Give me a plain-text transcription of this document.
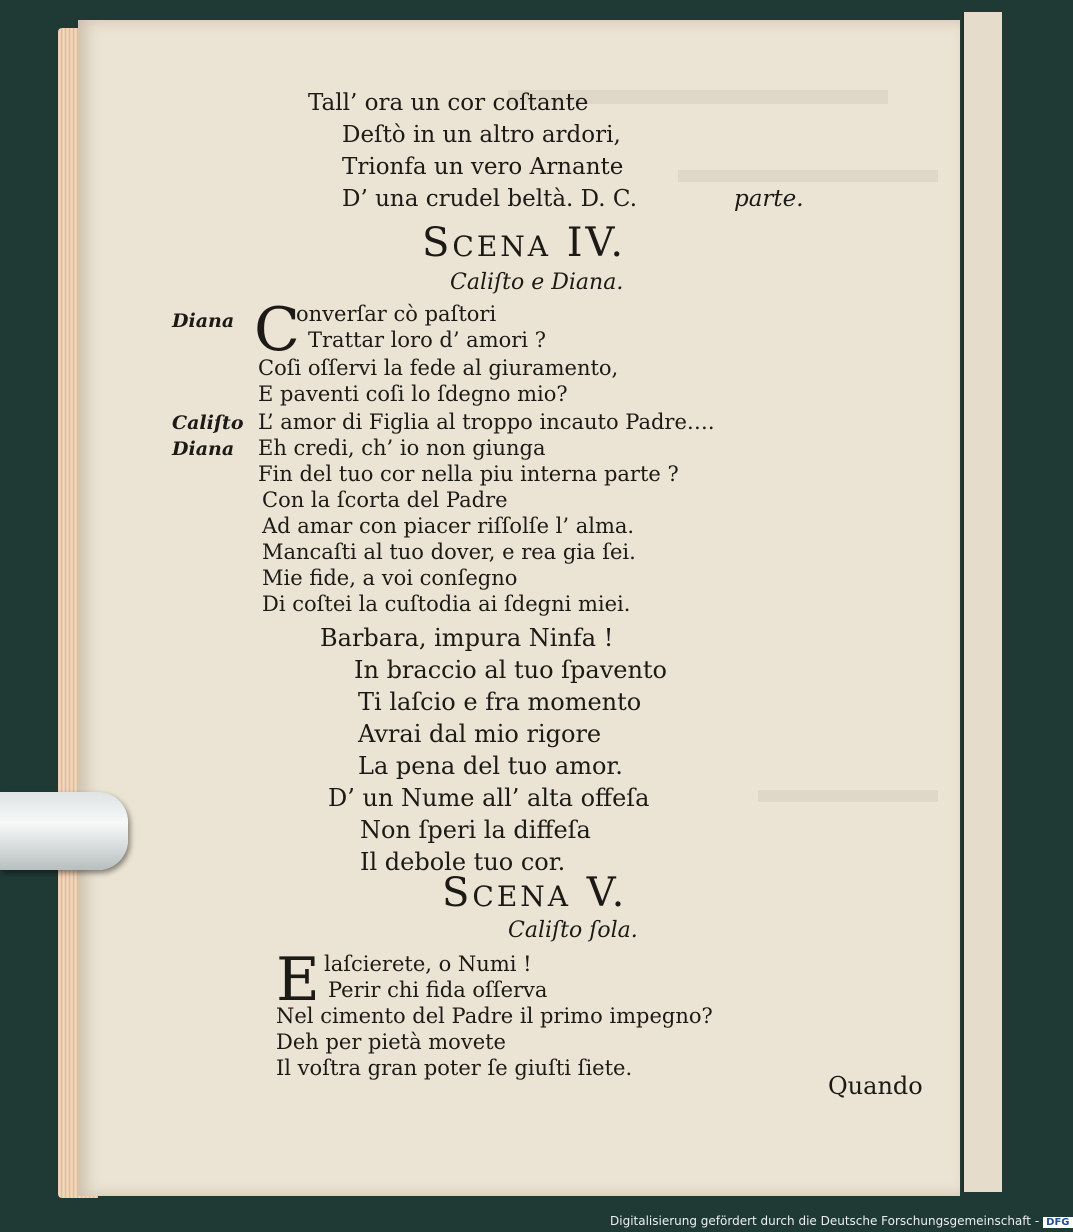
Tall’ ora un cor coſtante
Deſtò in un altro ardori,
Trionfa un vero Arnante
D’ una crudel beltà. D. C.	parte.
Scena IV.
Caliſto e Diana.
Diana C
onverſar cò paſtori
Trattar loro d’ amori ?
Coſi oſſervi la fede al giuramento,
E paventi coſi lo ſdegno mio?
Caliſto L’ amor di Figlia al troppo incauto Padre….
Diana Eh credi, ch’ io non giunga
Fin del tuo cor nella piu interna parte ?
Con la ſcorta del Padre
Ad amar con piacer riſſolſe l’ alma.
Mancaſti al tuo dover, e rea gia ſei.
Mie fide, a voi conſegno
Di coſtei la cuſtodia ai ſdegni miei.
Barbara, impura Ninfa !
In braccio al tuo ſpavento
Ti laſcio e fra momento
Avrai dal mio rigore
La pena del tuo amor.
D’ un Nume all’ alta offeſa
Non ſperi la diffeſa
Il debole tuo cor.
Scena V.
Caliſto ſola.
E laſcierete, o Numi !
Perir chi fida oſſerva
Nel cimento del Padre il primo impegno?
Deh per pietà movete
Il voſtra gran poter ſe giuſti ſiete.
Quando
Digitalisierung gefördert durch die Deutsche Forschungsgemeinschaft - DFG
